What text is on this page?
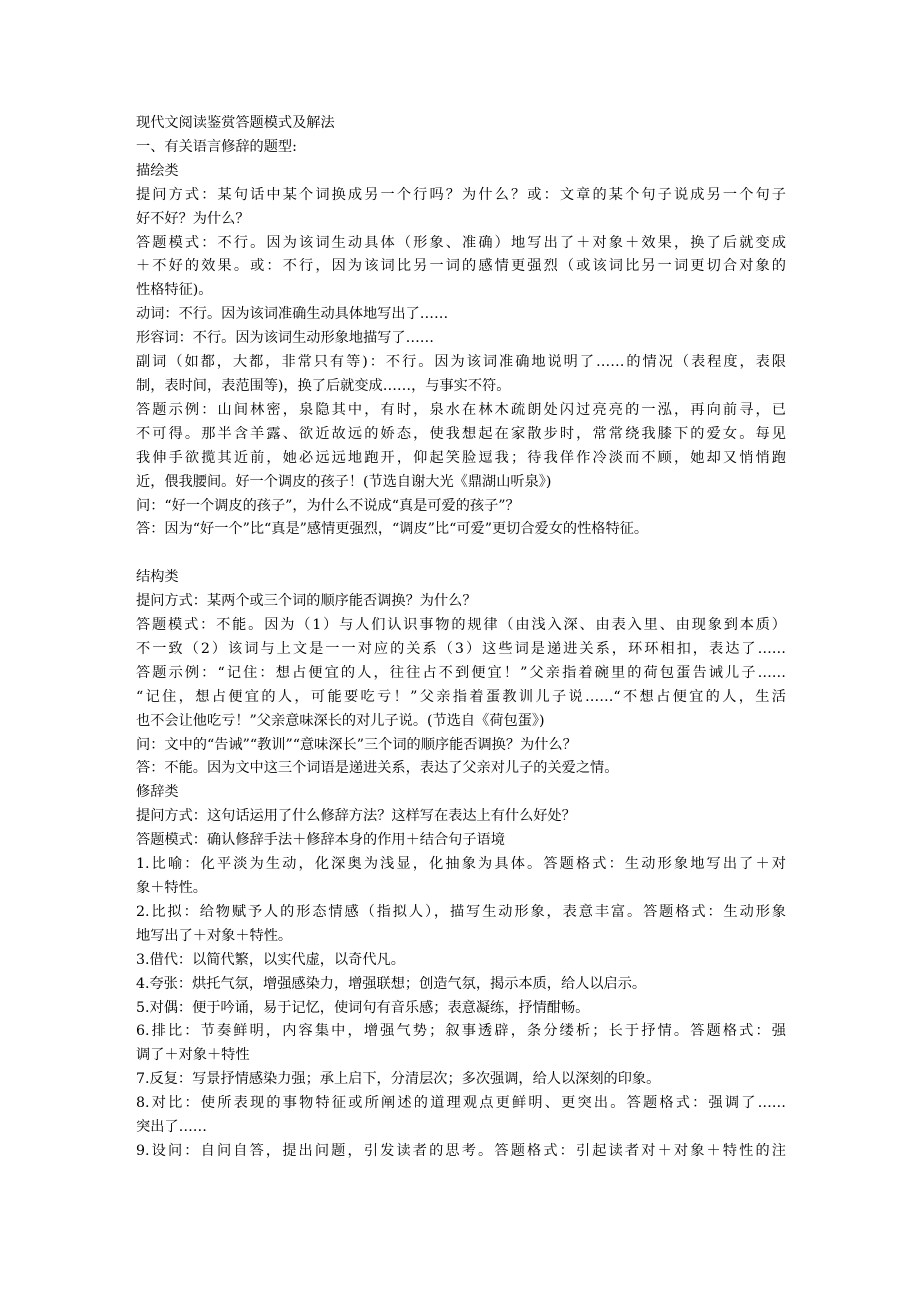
现代文阅读鉴赏答题模式及解法
一、有关语言修辞的题型:
描绘类
提问方式：某句话中某个词换成另一个行吗？为什么？或：文章的某个句子说成另一个句子
好不好？为什么？
答题模式：不行。因为该词生动具体（形象、准确）地写出了＋对象＋效果，换了后就变成
＋不好的效果。或：不行，因为该词比另一词的感情更强烈（或该词比另一词更切合对象的
性格特征)。
动词：不行。因为该词准确生动具体地写出了……
形容词：不行。因为该词生动形象地描写了……
副词（如都，大都，非常只有等)：不行。因为该词准确地说明了……的情况（表程度，表限
制，表时间，表范围等)，换了后就变成……，与事实不符。
答题示例：山间林密，泉隐其中，有时，泉水在林木疏朗处闪过亮亮的一泓，再向前寻，已
不可得。那半含羊露、欲近故远的娇态，使我想起在家散步时，常常绕我膝下的爱女。每见
我伸手欲揽其近前，她必远远地跑开，仰起笑脸逗我；待我佯作冷淡而不顾，她却又悄悄跑
近，偎我腰间。好一个调皮的孩子！(节选自谢大光《鼎湖山听泉》)
问：“好一个调皮的孩子”，为什么不说成“真是可爱的孩子”？
答：因为“好一个”比“真是”感情更强烈，“调皮”比“可爱”更切合爱女的性格特征。
结构类
提问方式：某两个或三个词的顺序能否调换？为什么？
答题模式：不能。因为（1）与人们认识事物的规律（由浅入深、由表入里、由现象到本质）
不一致（2）该词与上文是一一对应的关系（3）这些词是递进关系，环环相扣，表达了……
答题示例：“记住：想占便宜的人，往往占不到便宜！”父亲指着碗里的荷包蛋告诫儿子……
“记住，想占便宜的人，可能要吃亏！”父亲指着蛋教训儿子说……“不想占便宜的人，生活
也不会让他吃亏！”父亲意味深长的对儿子说。(节选自《荷包蛋》)
问：文中的“告诫”“教训”“意味深长”三个词的顺序能否调换？为什么？
答：不能。因为文中这三个词语是递进关系，表达了父亲对儿子的关爱之情。
修辞类
提问方式：这句话运用了什么修辞方法？这样写在表达上有什么好处？
答题模式：确认修辞手法＋修辞本身的作用＋结合句子语境
1.比喻：化平淡为生动，化深奥为浅显，化抽象为具体。答题格式：生动形象地写出了＋对
象＋特性。
2.比拟：给物赋予人的形态情感（指拟人），描写生动形象，表意丰富。答题格式：生动形象
地写出了＋对象＋特性。
3.借代：以简代繁，以实代虚，以奇代凡。
4.夸张：烘托气氛，增强感染力，增强联想；创造气氛，揭示本质，给人以启示。
5.对偶：便于吟诵，易于记忆，使词句有音乐感；表意凝练，抒情酣畅。
6.排比：节奏鲜明，内容集中，增强气势；叙事透辟，条分缕析；长于抒情。答题格式：强
调了＋对象＋特性
7.反复：写景抒情感染力强；承上启下，分清层次；多次强调，给人以深刻的印象。
8.对比：使所表现的事物特征或所阐述的道理观点更鲜明、更突出。答题格式：强调了……
突出了……
9.设问：自问自答，提出问题，引发读者的思考。答题格式：引起读者对＋对象＋特性的注
